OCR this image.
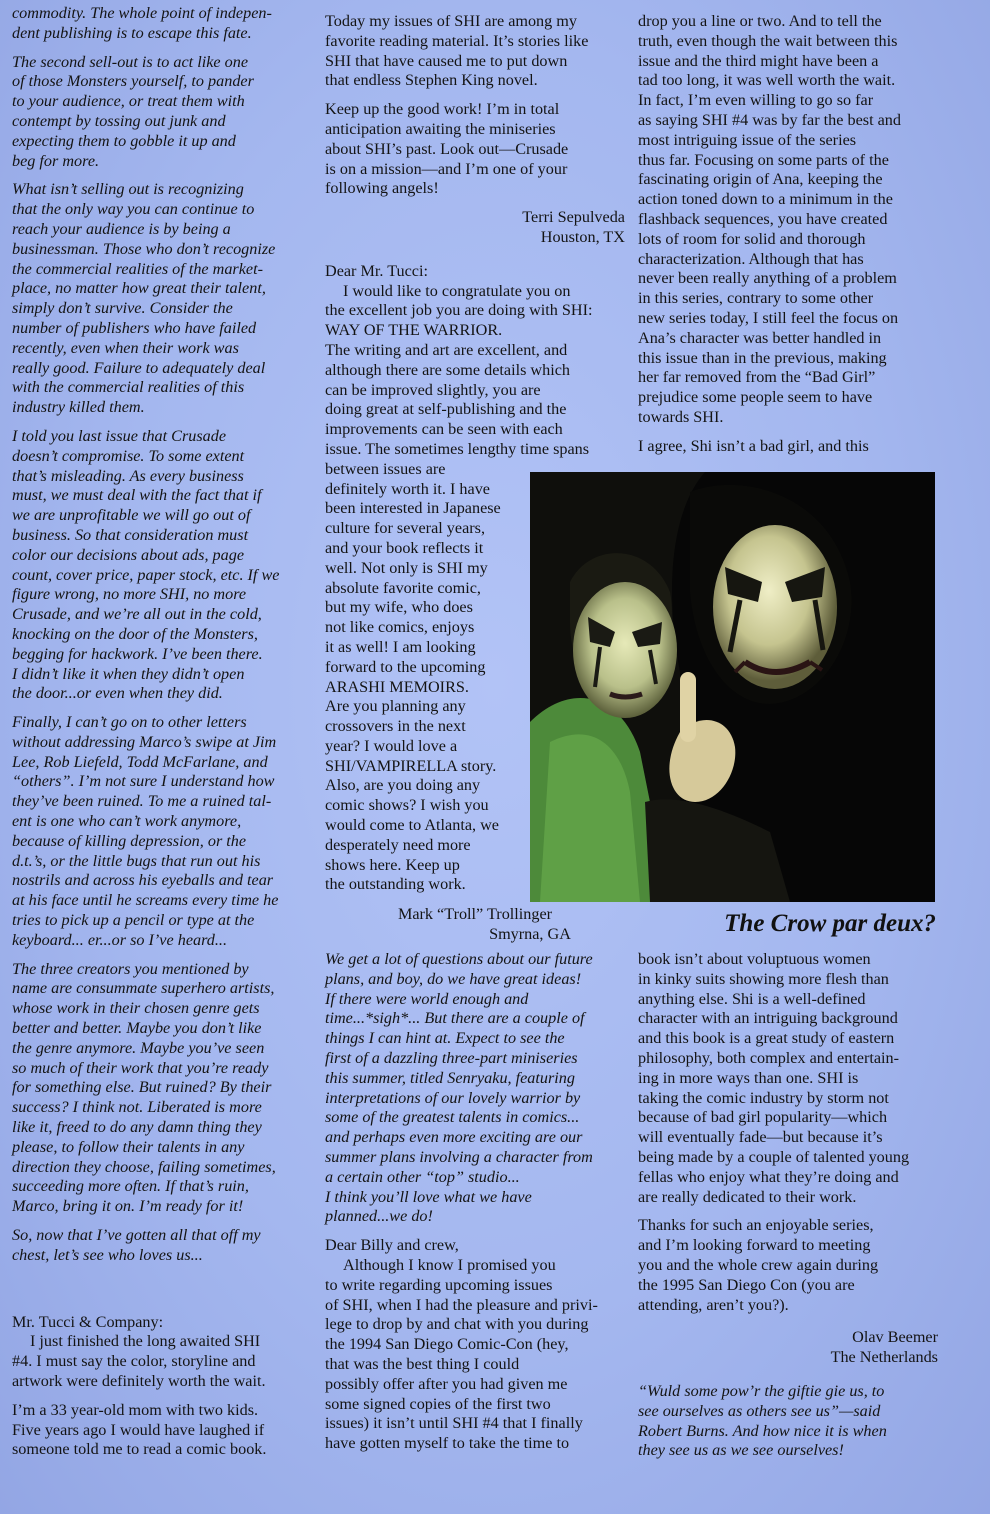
commodity. The whole point of indepen-
dent publishing is to escape this fate.

The second sell-out is to act like one
of those Monsters yourself, to pander
to your audience, or treat them with
contempt by tossing out junk and
expecting them to gobble it up and
beg for more.

What isn’t selling out is recognizing
that the only way you can continue to
reach your audience is by being a
businessman. Those who don’t recognize
the commercial realities of the market-
place, no matter how great their talent,
simply don’t survive. Consider the
number of publishers who have failed
recently, even when their work was
really good. Failure to adequately deal
with the commercial realities of this
industry killed them.

I told you last issue that Crusade
doesn’t compromise. To some extent
that’s misleading. As every business
must, we must deal with the fact that if
we are unprofitable we will go out of
business. So that consideration must
color our decisions about ads, page
count, cover price, paper stock, etc. If we
figure wrong, no more SHI, no more
Crusade, and we’re all out in the cold,
knocking on the door of the Monsters,
begging for hackwork. I’ve been there.
I didn’t like it when they didn’t open
the door...or even when they did.

Finally, I can’t go on to other letters
without addressing Marco’s swipe at Jim
Lee, Rob Liefeld, Todd McFarlane, and
“others”. I’m not sure I understand how
they’ve been ruined. To me a ruined tal-
ent is one who can’t work anymore,
because of killing depression, or the
d.t.’s, or the little bugs that run out his
nostrils and across his eyeballs and tear
at his face until he screams every time he
tries to pick up a pencil or type at the
keyboard... er...or so I’ve heard...

The three creators you mentioned by
name are consummate superhero artists,
whose work in their chosen genre gets
better and better. Maybe you don’t like
the genre anymore. Maybe you’ve seen
so much of their work that you’re ready
for something else. But ruined? By their
success? I think not. Liberated is more
like it, freed to do any damn thing they
please, to follow their talents in any
direction they choose, failing sometimes,
succeeding more often. If that’s ruin,
Marco, bring it on. I’m ready for it!

So, now that I’ve gotten all that off my
chest, let’s see who loves us...

Mr. Tucci & Company:

I just finished the long awaited SHI
#4. I must say the color, storyline and
artwork were definitely worth the wait.

I’m a 33 year-old mom with two kids.
Five years ago I would have laughed if
someone told me to read a comic book.

Today my issues of SHI are among my
favorite reading material. It’s stories like
SHI that have caused me to put down
that endless Stephen King novel.

Keep up the good work! I’m in total
anticipation awaiting the miniseries
about SHI’s past. Look out—Crusade
is on a mission—and I’m one of your
following angels!

Terri Sepulveda
Houston, TX
Dear Mr. Tucci:
I would like to congratulate you on
the excellent job you are doing with SHI:
WAY OF THE WARRIOR.
The writing and art are excellent, and
although there are some details which
can be improved slightly, you are
doing great at self-publishing and the
improvements can be seen with each
issue. The sometimes lengthy time spans
between issues are
definitely worth it. I have
been interested in Japanese
culture for several years,
and your book reflects it
well. Not only is SHI my
absolute favorite comic,
but my wife, who does
not like comics, enjoys
it as well! I am looking
forward to the upcoming
ARASHI MEMOIRS.
Are you planning any
crossovers in the next
year? I would love a
SHI/VAMPIRELLA story.
Also, are you doing any
comic shows? I wish you
would come to Atlanta, we
desperately need more
shows here. Keep up
the outstanding work.
Mark “Troll” Trollinger
Smyrna, GA

We get a lot of questions about our future
plans, and boy, do we have great ideas!
If there were world enough and
time...*sigh*... But there are a couple of
things I can hint at. Expect to see the
first of a dazzling three-part miniseries
this summer, titled Senryaku, featuring
interpretations of our lovely warrior by
some of the greatest talents in comics...
and perhaps even more exciting are our
summer plans involving a character from
a certain other “top” studio...
I think you’ll love what we have
planned...we do!

Dear Billy and crew,
Although I know I promised you
to write regarding upcoming issues
of SHI, when I had the pleasure and privi-
lege to drop by and chat with you during
the 1994 San Diego Comic-Con (hey,
that was the best thing I could
possibly offer after you had given me
some signed copies of the first two
issues) it isn’t until SHI #4 that I finally
have gotten myself to take the time to
drop you a line or two. And to tell the
truth, even though the wait between this
issue and the third might have been a
tad too long, it was well worth the wait.
In fact, I’m even willing to go so far
as saying SHI #4 was by far the best and
most intriguing issue of the series
thus far. Focusing on some parts of the
fascinating origin of Ana, keeping the
action toned down to a minimum in the
flashback sequences, you have created
lots of room for solid and thorough
characterization. Although that has
never been really anything of a problem
in this series, contrary to some other
new series today, I still feel the focus on
Ana’s character was better handled in
this issue than in the previous, making
her far removed from the “Bad Girl”
prejudice some people seem to have
towards SHI.
I agree, Shi isn’t a bad girl, and this
The Crow par deux?

book isn’t about voluptuous women
in kinky suits showing more flesh than
anything else. Shi is a well-defined
character with an intriguing background
and this book is a great study of eastern
philosophy, both complex and entertain-
ing in more ways than one. SHI is
taking the comic industry by storm not
because of bad girl popularity—which
will eventually fade—but because it’s
being made by a couple of talented young
fellas who enjoy what they’re doing and
are really dedicated to their work.

Thanks for such an enjoyable series,
and I’m looking forward to meeting
you and the whole crew again during
the 1995 San Diego Con (you are
attending, aren’t you?).

Olav Beemer
The Netherlands

“Wuld some pow’r the giftie gie us, to
see ourselves as others see us”—said
Robert Burns. And how nice it is when
they see us as we see ourselves!
